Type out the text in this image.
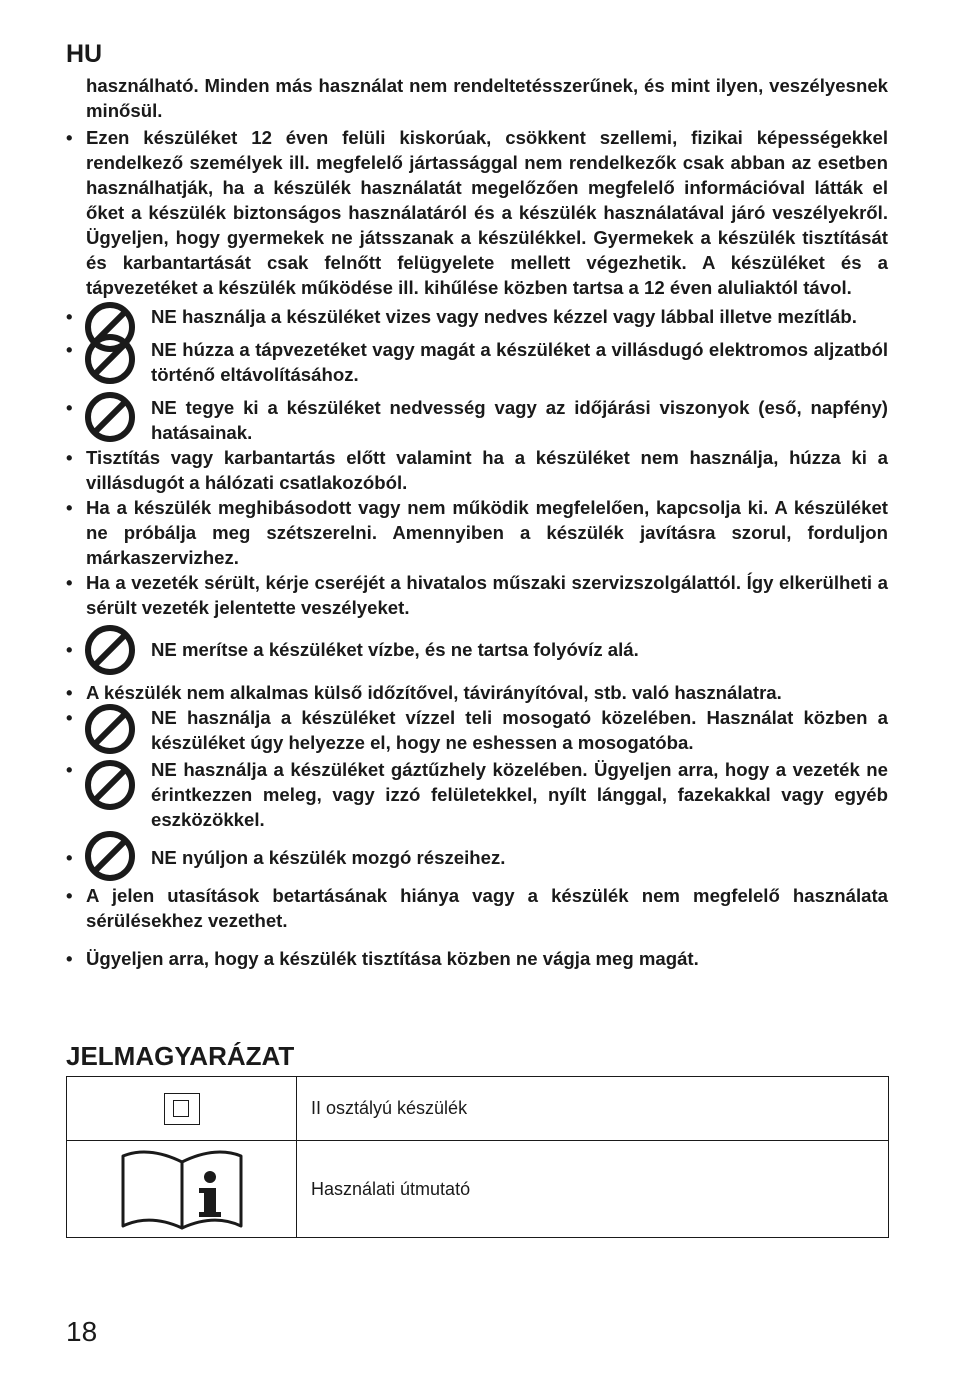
HU
használható. Minden más használat nem rendeltetésszerűnek, és mint ilyen, veszélyesnek minősül.
• Ezen készüléket 12 éven felüli kiskorúak, csökkent szellemi, fizikai képességekkel rendelkező személyek ill. megfelelő jártassággal nem rendelkezők csak abban az esetben használhatják, ha a készülék használatát megelőzően megfelelő információval látták el őket a készülék biztonságos használatáról és a készülék használatával járó veszélyekről. Ügyeljen, hogy gyermekek ne játsszanak a készülékkel. Gyermekek a készülék tisztítását és karbantartását csak felnőtt felügyelete mellett végezhetik. A készüléket és a tápvezetéket a készülék működése ill. kihűlése közben tartsa a 12 éven aluliaktól távol.
• NE használja a készüléket vizes vagy nedves kézzel vagy lábbal illetve mezítláb.
• NE húzza a tápvezetéket vagy magát a készüléket a villásdugó elektromos aljzatból történő eltávolításához.
• NE tegye ki a készüléket nedvesség vagy az időjárási viszonyok (eső, napfény) hatásainak.
• Tisztítás vagy karbantartás előtt valamint ha a készüléket nem használja, húzza ki a villásdugót a hálózati csatlakozóból.
• Ha a készülék meghibásodott vagy nem működik megfelelően, kapcsolja ki. A készüléket ne próbálja meg szétszerelni. Amennyiben a készülék javításra szorul, forduljon márkaszervizhez.
• Ha a vezeték sérült, kérje cseréjét a hivatalos műszaki szervizszolgálattól. Így elkerülheti a sérült vezeték jelentette veszélyeket.
• NE merítse a készüléket vízbe, és ne tartsa folyóvíz alá.
• A készülék nem alkalmas külső időzítővel, távirányítóval, stb. való használatra.
• NE használja a készüléket vízzel teli mosogató közelében. Használat közben a készüléket úgy helyezze el, hogy ne eshessen a mosogatóba.
• NE használja a készüléket gáztűzhely közelében. Ügyeljen arra, hogy a vezeték ne érintkezzen meleg, vagy izzó felületekkel, nyílt lánggal, fazekakkal vagy egyéb eszközökkel.
• NE nyúljon a készülék mozgó részeihez.
• A jelen utasítások betartásának hiánya vagy a készülék nem megfelelő használata sérülésekhez vezethet.
• Ügyeljen arra, hogy a készülék tisztítása közben ne vágja meg magát.
JELMAGYARÁZAT
	II osztályú készülék
	Használati útmutató
18
